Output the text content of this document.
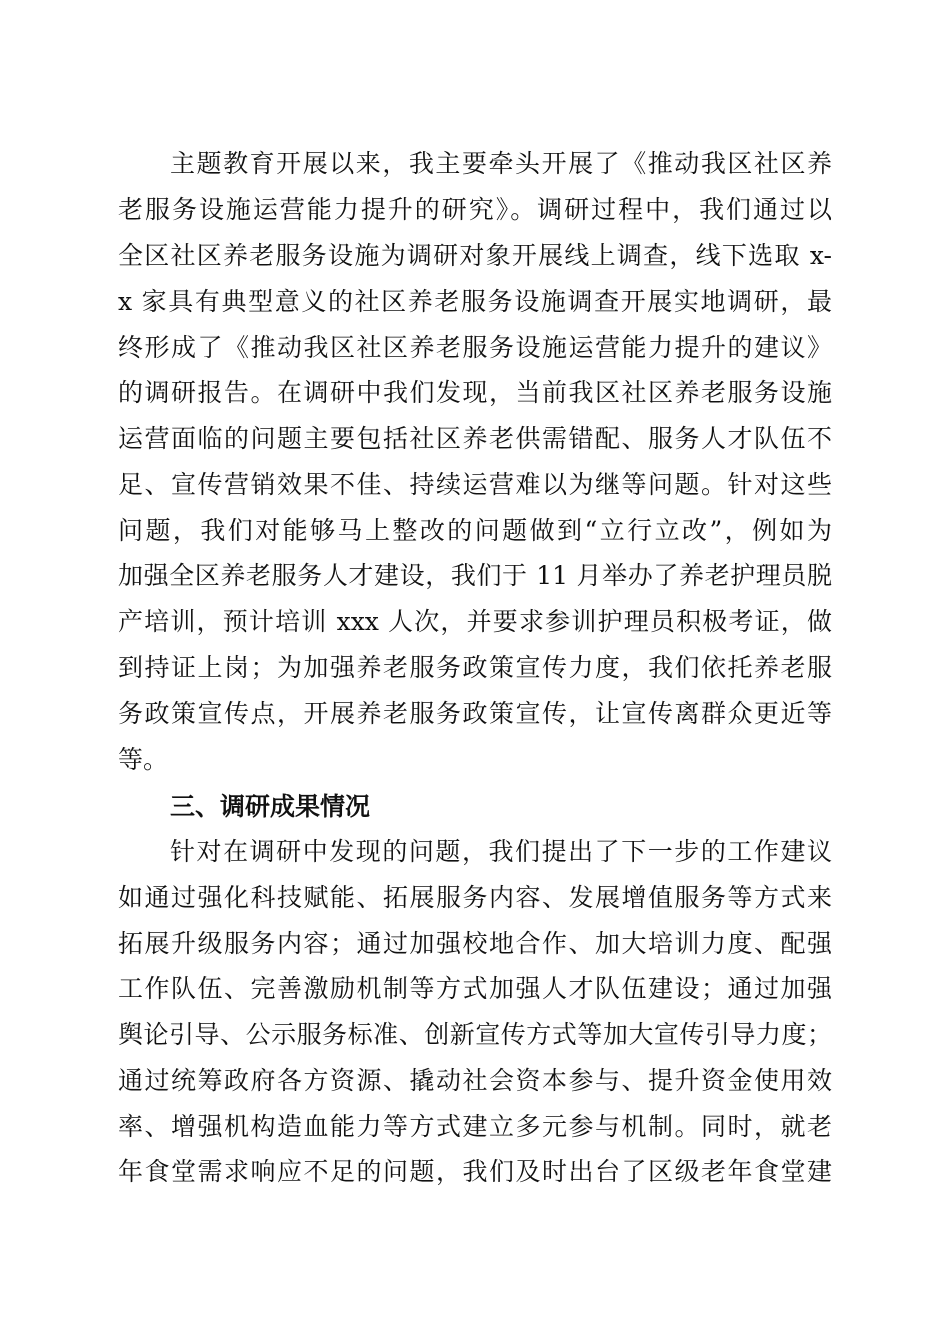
主题教育开展以来，我主要牵头开展了《推动我区社区养
老服务设施运营能力提升的研究》。调研过程中，我们通过以
全区社区养老服务设施为调研对象开展线上调查，线下选取 x-
x 家具有典型意义的社区养老服务设施调查开展实地调研，最
终形成了《推动我区社区养老服务设施运营能力提升的建议》
的调研报告。在调研中我们发现，当前我区社区养老服务设施
运营面临的问题主要包括社区养老供需错配、服务人才队伍不
足、宣传营销效果不佳、持续运营难以为继等问题。针对这些
问题，我们对能够马上整改的问题做到“立行立改”，例如为
加强全区养老服务人才建设，我们于 11 月举办了养老护理员脱
产培训，预计培训 xxx 人次，并要求参训护理员积极考证，做
到持证上岗；为加强养老服务政策宣传力度，我们依托养老服
务政策宣传点，开展养老服务政策宣传，让宣传离群众更近等
等。
三、调研成果情况
针对在调研中发现的问题，我们提出了下一步的工作建议
如通过强化科技赋能、拓展服务内容、发展增值服务等方式来
拓展升级服务内容；通过加强校地合作、加大培训力度、配强
工作队伍、完善激励机制等方式加强人才队伍建设；通过加强
舆论引导、公示服务标准、创新宣传方式等加大宣传引导力度；
通过统筹政府各方资源、撬动社会资本参与、提升资金使用效
率、增强机构造血能力等方式建立多元参与机制。同时，就老
年食堂需求响应不足的问题，我们及时出台了区级老年食堂建
